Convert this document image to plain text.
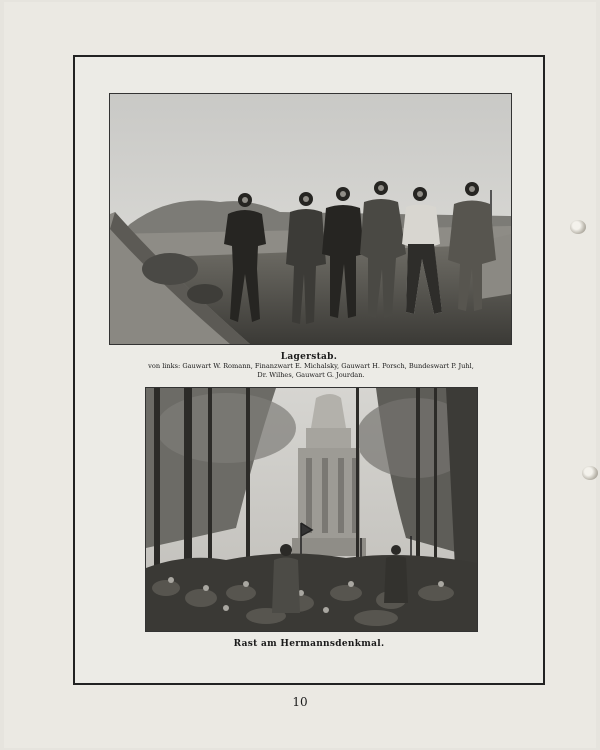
Lagerstab.
von links: Gauwart W. Romann, Finanzwart E. Michalsky, Gauwart H. Porsch, Bundeswart P. Juhl,
Dr. Wilhes, Gauwart G. Jourdan.
Rast am Hermannsdenkmal.
10
